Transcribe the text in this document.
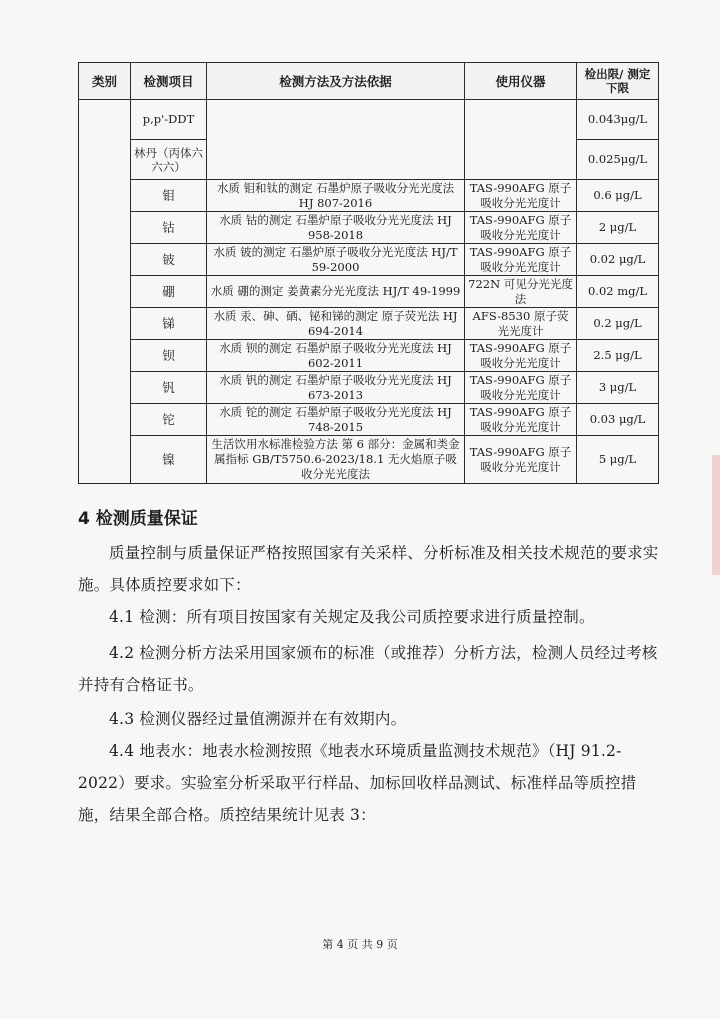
类别	检测项目	检测方法及方法依据	使用仪器	检出限/ 测定下限
	p,p'-DDT			0.043μg/L
	林丹（丙体六六六）			0.025μg/L
	钼	水质 钼和钛的测定 石墨炉原子吸收分光光度法 HJ 807-2016	TAS-990AFG 原子吸收分光光度计	0.6 μg/L
	钴	水质 钴的测定 石墨炉原子吸收分光光度法 HJ 958-2018	TAS-990AFG 原子吸收分光光度计	2 μg/L
	铍	水质 铍的测定 石墨炉原子吸收分光光度法 HJ/T 59-2000	TAS-990AFG 原子吸收分光光度计	0.02 μg/L
	硼	水质 硼的测定 姜黄素分光光度法 HJ/T 49-1999	722N 可见分光光度法	0.02 mg/L
	锑	水质 汞、砷、硒、铋和锑的测定 原子荧光法 HJ 694-2014	AFS-8530 原子荧光光度计	0.2 μg/L
	钡	水质 钡的测定 石墨炉原子吸收分光光度法 HJ 602-2011	TAS-990AFG 原子吸收分光光度计	2.5 μg/L
	钒	水质 钒的测定 石墨炉原子吸收分光光度法 HJ 673-2013	TAS-990AFG 原子吸收分光光度计	3 μg/L
	铊	水质 铊的测定 石墨炉原子吸收分光光度法 HJ 748-2015	TAS-990AFG 原子吸收分光光度计	0.03 μg/L
	镍	生活饮用水标准检验方法 第 6 部分：金属和类金属指标 GB/T5750.6-2023/18.1 无火焰原子吸收分光光度法	TAS-990AFG 原子吸收分光光度计	5 μg/L
4 检测质量保证

质量控制与质量保证严格按照国家有关采样、分析标准及相关技术规范的要求实施。具体质控要求如下：

4.1 检测：所有项目按国家有关规定及我公司质控要求进行质量控制。

4.2 检测分析方法采用国家颁布的标准（或推荐）分析方法，检测人员经过考核并持有合格证书。

4.3 检测仪器经过量值溯源并在有效期内。

4.4 地表水：地表水检测按照《地表水环境质量监测技术规范》（HJ 91.2-2022）要求。实验室分析采取平行样品、加标回收样品测试、标准样品等质控措施，结果全部合格。质控结果统计见表 3：

第 4 页 共 9 页
